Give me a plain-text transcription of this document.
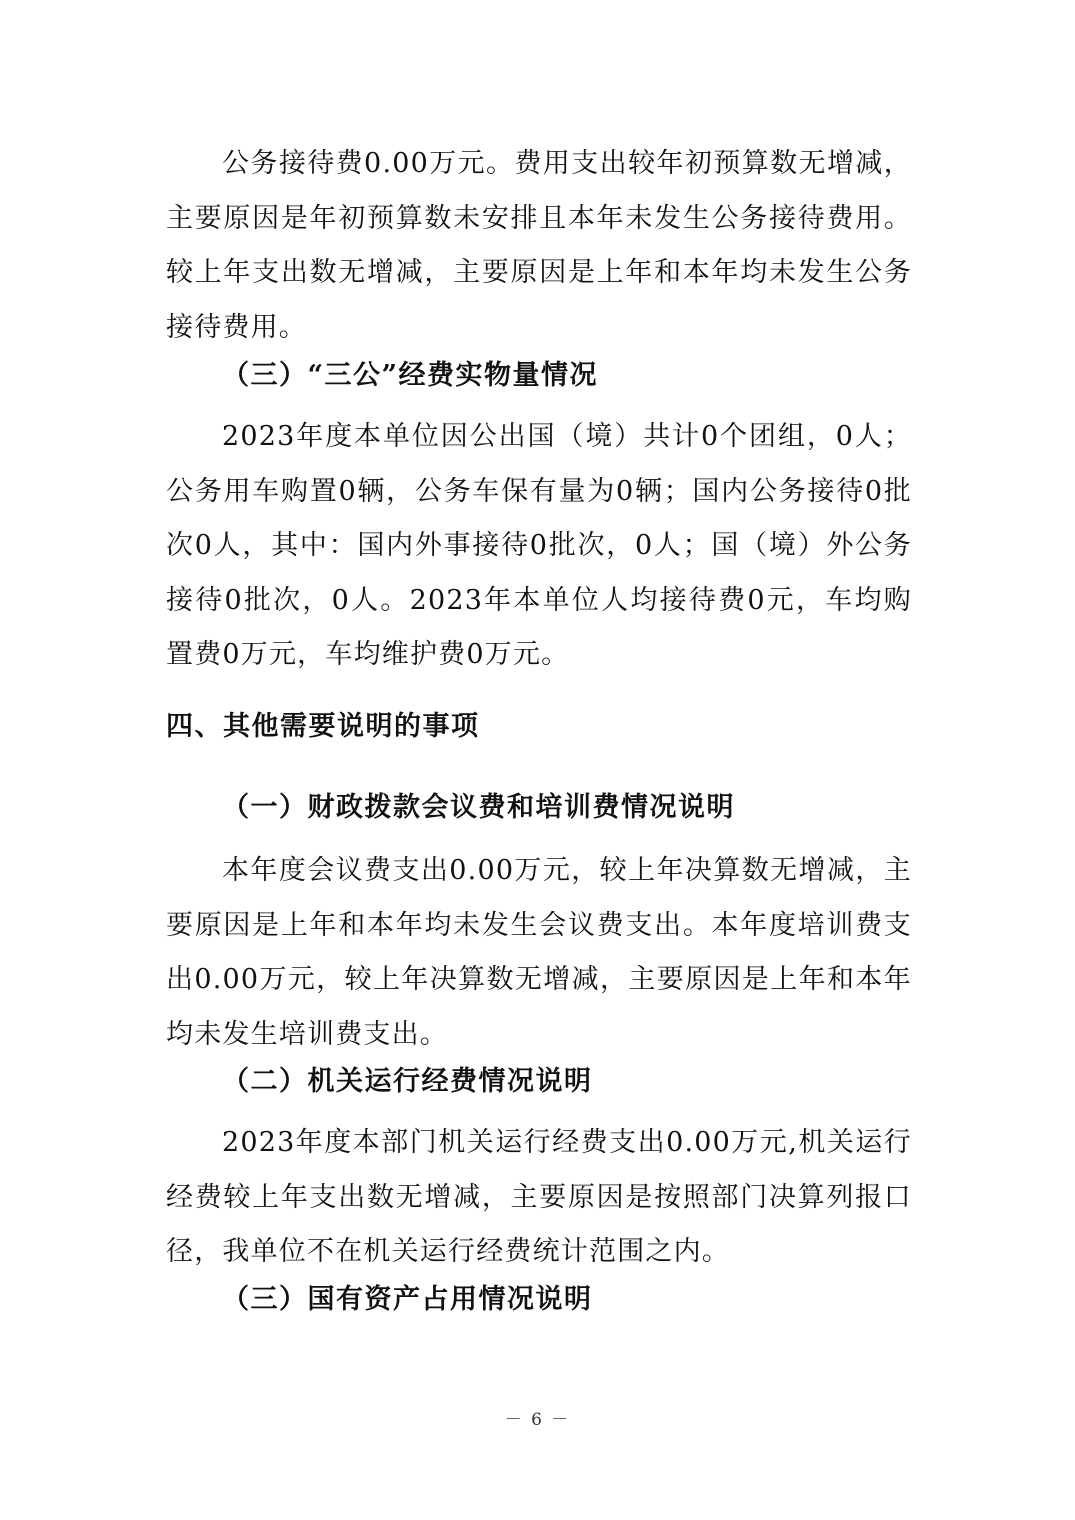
公务接待费0.00万元。费用支出较年初预算数无增减，主要原因是年初预算数未安排且本年未发生公务接待费用。较上年支出数无增减，主要原因是上年和本年均未发生公务接待费用。

（三）“三公”经费实物量情况

2023年度本单位因公出国（境）共计0个团组，0人；公务用车购置0辆，公务车保有量为0辆；国内公务接待0批次0人，其中：国内外事接待0批次，0人；国（境）外公务接待0批次，0人。2023年本单位人均接待费0元，车均购置费0万元，车均维护费0万元。

四、其他需要说明的事项

（一）财政拨款会议费和培训费情况说明

本年度会议费支出0.00万元，较上年决算数无增减，主要原因是上年和本年均未发生会议费支出。本年度培训费支出0.00万元，较上年决算数无增减，主要原因是上年和本年均未发生培训费支出。

（二）机关运行经费情况说明

2023年度本部门机关运行经费支出0.00万元,机关运行经费较上年支出数无增减，主要原因是按照部门决算列报口径，我单位不在机关运行经费统计范围之内。

（三）国有资产占用情况说明

－ 6 －
